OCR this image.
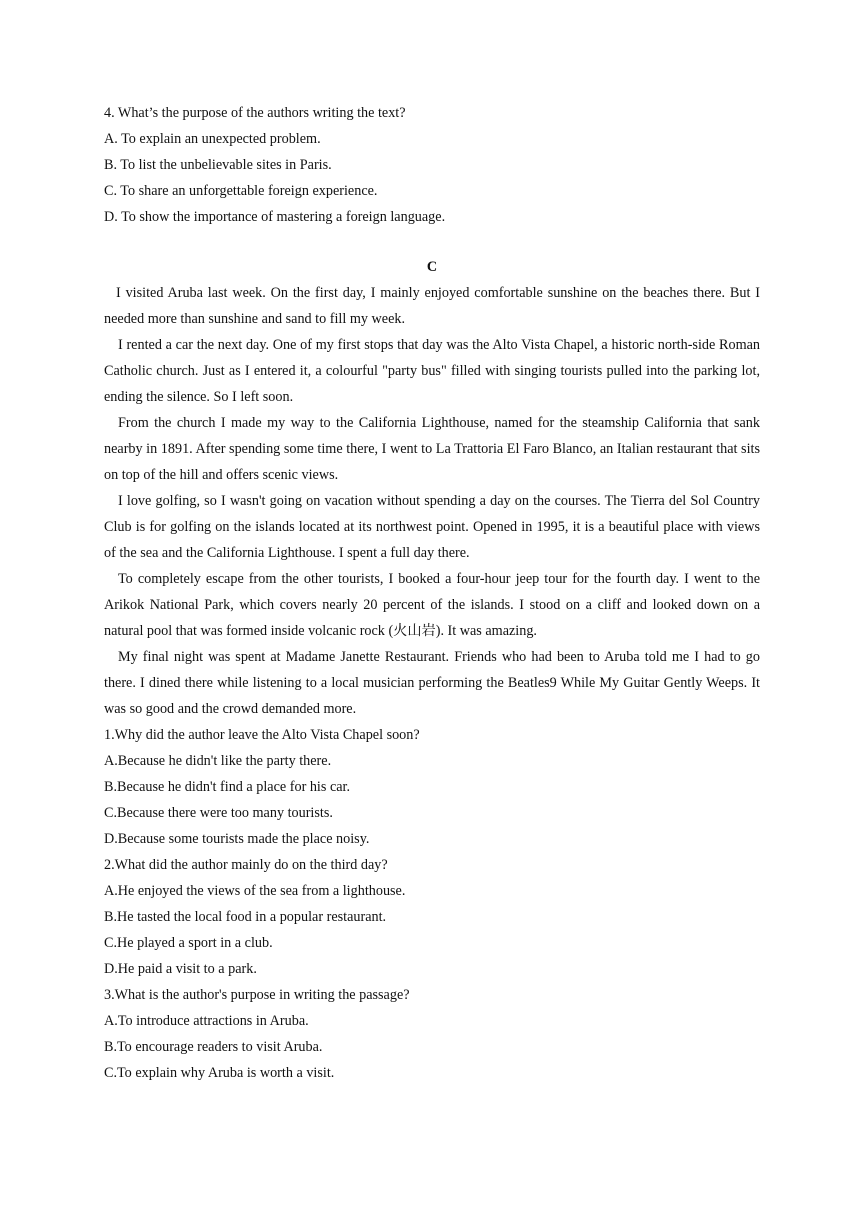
4. What’s the purpose of the authors writing the text?

A. To explain an unexpected problem.

B. To list the unbelievable sites in Paris.

C. To share an unforgettable foreign experience.

D. To show the importance of mastering a foreign language.

C

I visited Aruba last week. On the first day, I mainly enjoyed comfortable sunshine on the beaches there. But I needed more than sunshine and sand to fill my week.

I rented a car the next day. One of my first stops that day was the Alto Vista Chapel, a historic north-side Roman Catholic church. Just as I entered it, a colourful "party bus" filled with singing tourists pulled into the parking lot, ending the silence. So I left soon.

From the church I made my way to the California Lighthouse, named for the steamship California that sank nearby in 1891. After spending some time there, I went to La Trattoria El Faro Blanco, an Italian restaurant that sits on top of the hill and offers scenic views.

I love golfing, so I wasn't going on vacation without spending a day on the courses. The Tierra del Sol Country Club is for golfing on the islands located at its northwest point. Opened in 1995, it is a beautiful place with views of the sea and the California Lighthouse. I spent a full day there.

To completely escape from the other tourists, I booked a four-hour jeep tour for the fourth day. I went to the Arikok National Park, which covers nearly 20 percent of the islands. I stood on a cliff and looked down on a natural pool that was formed inside volcanic rock (火山岩). It was amazing.

My final night was spent at Madame Janette Restaurant. Friends who had been to Aruba told me I had to go there. I dined there while listening to a local musician performing the Beatles9 While My Guitar Gently Weeps. It was so good and the crowd demanded more.

1.Why did the author leave the Alto Vista Chapel soon?

A.Because he didn't like the party there.

B.Because he didn't find a place for his car.

C.Because there were too many tourists.

D.Because some tourists made the place noisy.

2.What did the author mainly do on the third day?

A.He enjoyed the views of the sea from a lighthouse.

B.He tasted the local food in a popular restaurant.

C.He played a sport in a club.

D.He paid a visit to a park.

3.What is the author's purpose in writing the passage?

A.To introduce attractions in Aruba.

B.To encourage readers to visit Aruba.

C.To explain why Aruba is worth a visit.
